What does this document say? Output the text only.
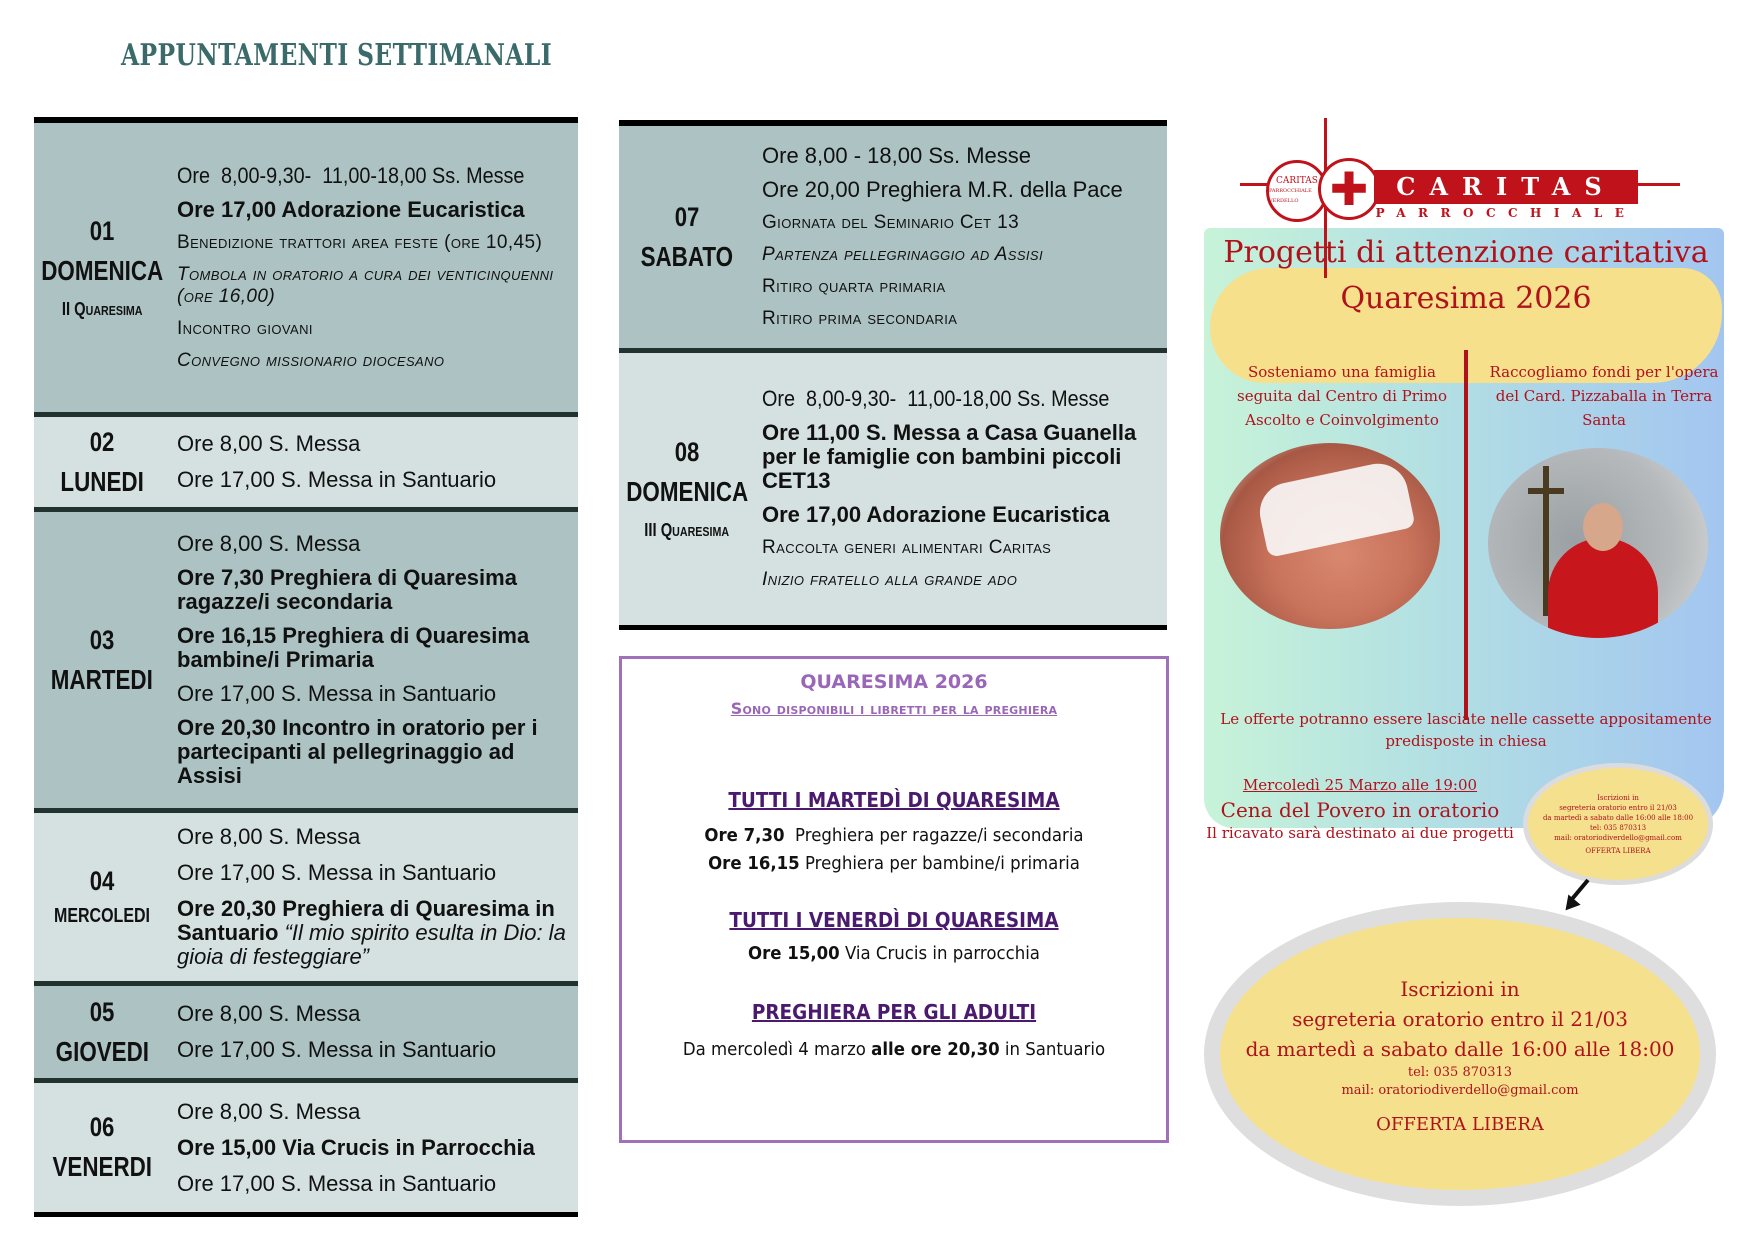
APPUNTAMENTI SETTIMANALI
01
DOMENICA
II Quaresima
Ore  8,00-9,30-  11,00-18,00 Ss. Messe
Ore 17,00 Adorazione Eucaristica
Benedizione trattori area feste (ore 10,45)
Tombola in oratorio a cura dei venticinquenni (ore 16,00)
Incontro giovani
Convegno missionario diocesano
02
LUNEDI
Ore 8,00 S. Messa
Ore 17,00 S. Messa in Santuario
03
MARTEDI
Ore 8,00 S. Messa
Ore 7,30 Preghiera di Quaresima ragazze/i secondaria
Ore 16,15 Preghiera di Quaresima bambine/i Primaria
Ore 17,00 S. Messa in Santuario
Ore 20,30 Incontro in oratorio per i partecipanti al pellegrinaggio ad Assisi
04
MERCOLEDI
Ore 8,00 S. Messa
Ore 17,00 S. Messa in Santuario
Ore 20,30 Preghiera di Quaresima in Santuario “Il mio spirito esulta in Dio: la gioia di festeggiare”
05
GIOVEDI
Ore 8,00 S. Messa
Ore 17,00 S. Messa in Santuario
06
VENERDI
Ore 8,00 S. Messa
Ore 15,00 Via Crucis in Parrocchia
Ore 17,00 S. Messa in Santuario
07
SABATO
Ore 8,00 - 18,00 Ss. Messe
Ore 20,00 Preghiera M.R. della Pace
Giornata del Seminario Cet 13
Partenza pellegrinaggio ad Assisi
Ritiro quarta primaria
Ritiro prima secondaria
08
DOMENICA
III Quaresima
Ore  8,00-9,30-  11,00-18,00 Ss. Messe
Ore 11,00 S. Messa a Casa Guanella per le famiglie con bambini piccoli CET13
Ore 17,00 Adorazione Eucaristica
Raccolta generi alimentari Caritas
Inizio fratello alla grande ado
QUARESIMA 2026
Sono disponibili i libretti per la preghiera
TUTTI I MARTEDÌ DI QUARESIMA
Ore 7,30  Preghiera per ragazze/i secondaria
Ore 16,15 Preghiera per bambine/i primaria
TUTTI I VENERDÌ DI QUARESIMA
Ore 15,00 Via Crucis in parrocchia
PREGHIERA PER GLI ADULTI
Da mercoledì 4 marzo alle ore 20,30 in Santuario
CARITAS
PARROCCHIALE VERDELLO ✚	CARITAS
PARROCCHIALE
Progetti di attenzione caritativa
Quaresima 2026
Sosteniamo una famiglia seguita dal Centro di Primo Ascolto e Coinvolgimento
Raccogliamo fondi per l'opera del Card. Pizzaballa in Terra Santa
Le offerte potranno essere lasciate nelle cassette appositamente
predisposte in chiesa
Mercoledì 25 Marzo alle 19:00
Cena del Povero in oratorio
Il ricavato sarà destinato ai due progetti
Iscrizioni in
segreteria oratorio entro il 21/03
da martedì a sabato dalle 16:00 alle 18:00
tel: 035 870313
mail: oratoriodiverdello@gmail.com
OFFERTA LIBERA
Iscrizioni in
segreteria oratorio entro il 21/03
da martedì a sabato dalle 16:00 alle 18:00
tel: 035 870313
mail: oratoriodiverdello@gmail.com
OFFERTA LIBERA
